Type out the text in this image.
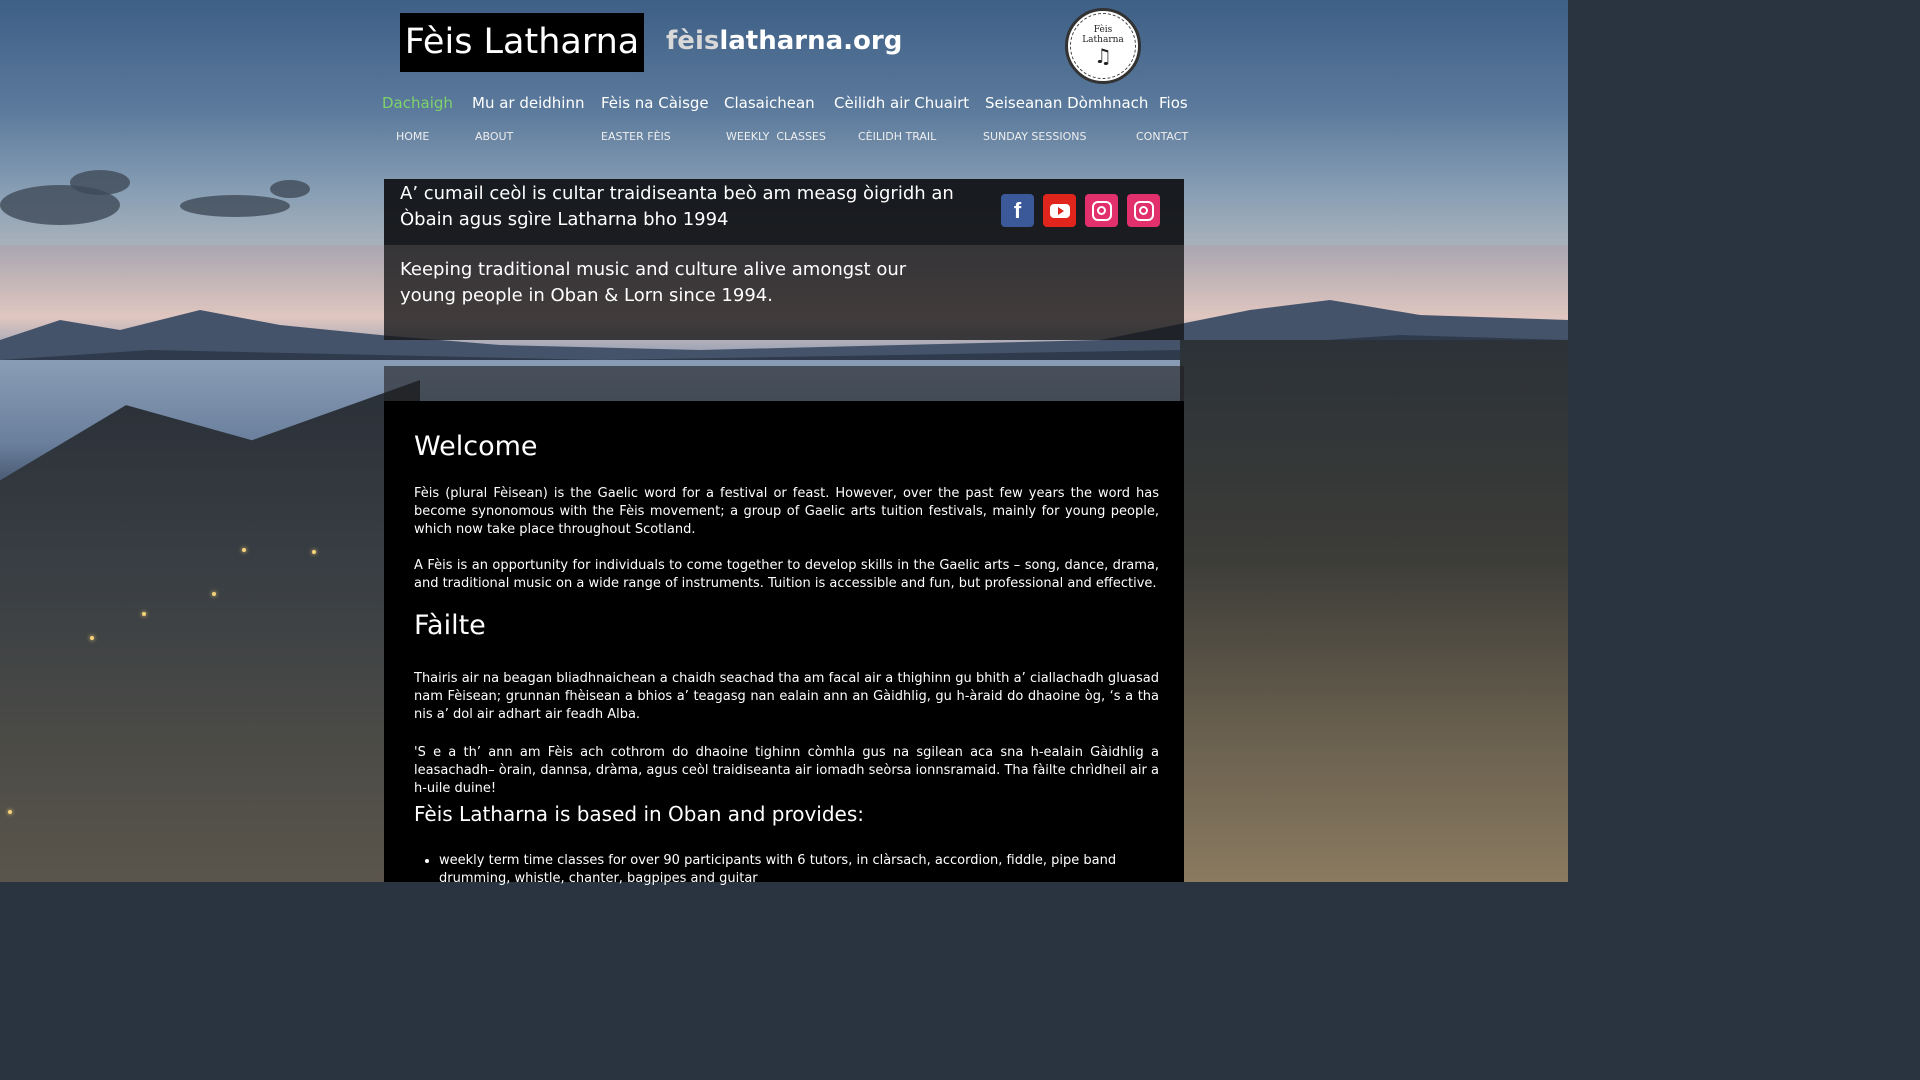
Fèis Latharna fèislatharna.org	Fèis
Latharna
♫
Dachaigh Mu ar deidhinn Fèis na Càisge Clasaichean Cèilidh air Chuairt Seiseanan Dòmhnach Fios
HOME	ABOUT	EASTER FÈIS	WEEKLY  CLASSES	CÈILIDH TRAIL	SUNDAY SESSIONS	CONTACT
A’ cumail ceòl is cultar traidiseanta beò am measg òigridh an Òbain agus sgìre Latharna bho 1994
Keeping traditional music and culture alive amongst our young people in Oban & Lorn since 1994.
f
Welcome

Fèis (plural Fèisean) is the Gaelic word for a festival or feast. However, over the past few years the word has become synonomous with the Fèis movement; a group of Gaelic arts tuition festivals, mainly for young people, which now take place throughout Scotland.

A Fèis is an opportunity for individuals to come together to develop skills in the Gaelic arts – song, dance, drama, and traditional music on a wide range of instruments. Tuition is accessible and fun, but professional and effective.

Fàilte

Thairis air na beagan bliadhnaichean a chaidh seachad tha am facal air a thighinn gu bhith a’ ciallachadh gluasad nam Fèisean; grunnan fhèisean a bhios a’ teagasg nan ealain ann an Gàidhlig, gu h-àraid do dhaoine òg, ‘s a tha nis a’ dol air adhart air feadh Alba.

'S e a th’ ann am Fèis ach cothrom do dhaoine tighinn còmhla gus na sgilean aca sna h-ealain Gàidhlig a leasachadh– òrain, dannsa, dràma, agus ceòl traidiseanta air iomadh seòrsa ionnsramaid. Tha fàilte chrìdheil air a h-uile duine!

Fèis Latharna is based in Oban and provides:
• weekly term time classes for over 90 participants with 6 tutors, in clàrsach, accordion, fiddle, pipe band drumming, whistle, chanter, bagpipes and guitar
